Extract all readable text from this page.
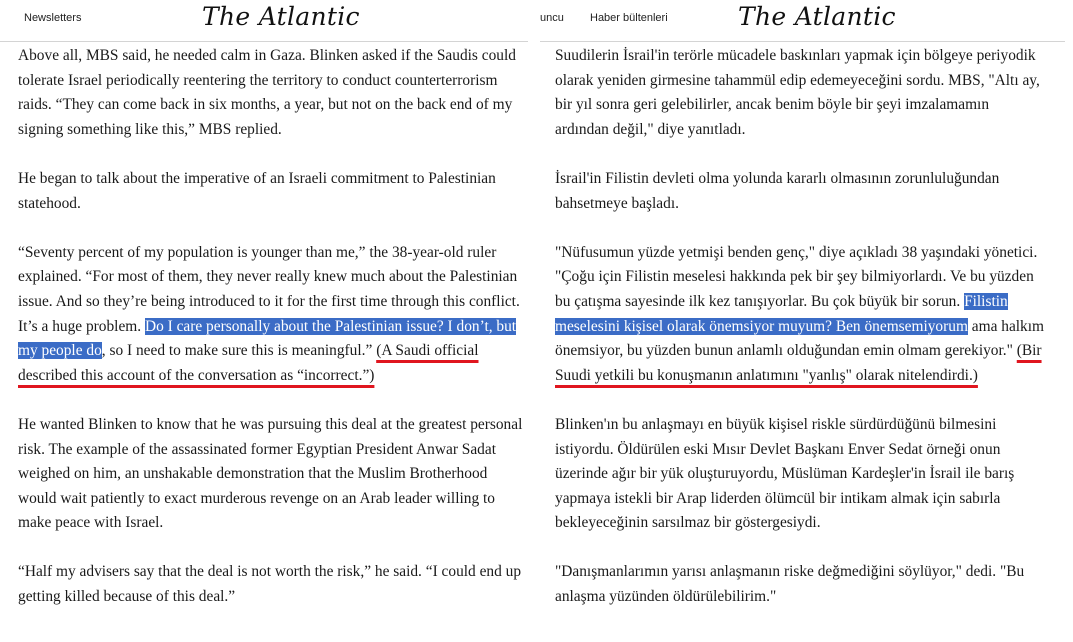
Newsletters	The Atlantic

Above all, MBS said, he needed calm in Gaza. Blinken asked if the Saudis could tolerate Israel periodically reentering the territory to conduct counterterrorism raids. “They can come back in six months, a year, but not on the back end of my signing something like this,” MBS replied.

He began to talk about the imperative of an Israeli commitment to Palestinian statehood.

“Seventy percent of my population is younger than me,” the 38-year-old ruler explained. “For most of them, they never really knew much about the Palestinian issue. And so they’re being introduced to it for the first time through this conflict. It’s a huge problem. Do I care personally about the Palestinian issue? I don’t, but my people do, so I need to make sure this is meaningful.” (A Saudi official described this account of the conversation as “incorrect.”)

He wanted Blinken to know that he was pursuing this deal at the greatest personal risk. The example of the assassinated former Egyptian President Anwar Sadat weighed on him, an unshakable demonstration that the Muslim Brotherhood would wait patiently to exact murderous revenge on an Arab leader willing to make peace with Israel.

“Half my advisers say that the deal is not worth the risk,” he said. “I could end up getting killed because of this deal.”

uncu Haber bültenleri	The Atlantic

Suudilerin İsrail'in terörle mücadele baskınları yapmak için bölgeye periyodik olarak yeniden girmesine tahammül edip edemeyeceğini sordu. MBS, "Altı ay, bir yıl sonra geri gelebilirler, ancak benim böyle bir şeyi imzalamamın ardından değil," diye yanıtladı.

İsrail'in Filistin devleti olma yolunda kararlı olmasının zorunluluğundan bahsetmeye başladı.

"Nüfusumun yüzde yetmişi benden genç," diye açıkladı 38 yaşındaki yönetici. "Çoğu için Filistin meselesi hakkında pek bir şey bilmiyorlardı. Ve bu yüzden bu çatışma sayesinde ilk kez tanışıyorlar. Bu çok büyük bir sorun. Filistin meselesini kişisel olarak önemsiyor muyum? Ben önemsemiyorum ama halkım önemsiyor, bu yüzden bunun anlamlı olduğundan emin olmam gerekiyor." (Bir Suudi yetkili bu konuşmanın anlatımını "yanlış" olarak nitelendirdi.)

Blinken'ın bu anlaşmayı en büyük kişisel riskle sürdürdüğünü bilmesini istiyordu. Öldürülen eski Mısır Devlet Başkanı Enver Sedat örneği onun üzerinde ağır bir yük oluşturuyordu, Müslüman Kardeşler'in İsrail ile barış yapmaya istekli bir Arap liderden ölümcül bir intikam almak için sabırla bekleyeceğinin sarsılmaz bir göstergesiydi.

"Danışmanlarımın yarısı anlaşmanın riske değmediğini söylüyor," dedi. "Bu anlaşma yüzünden öldürülebilirim."
